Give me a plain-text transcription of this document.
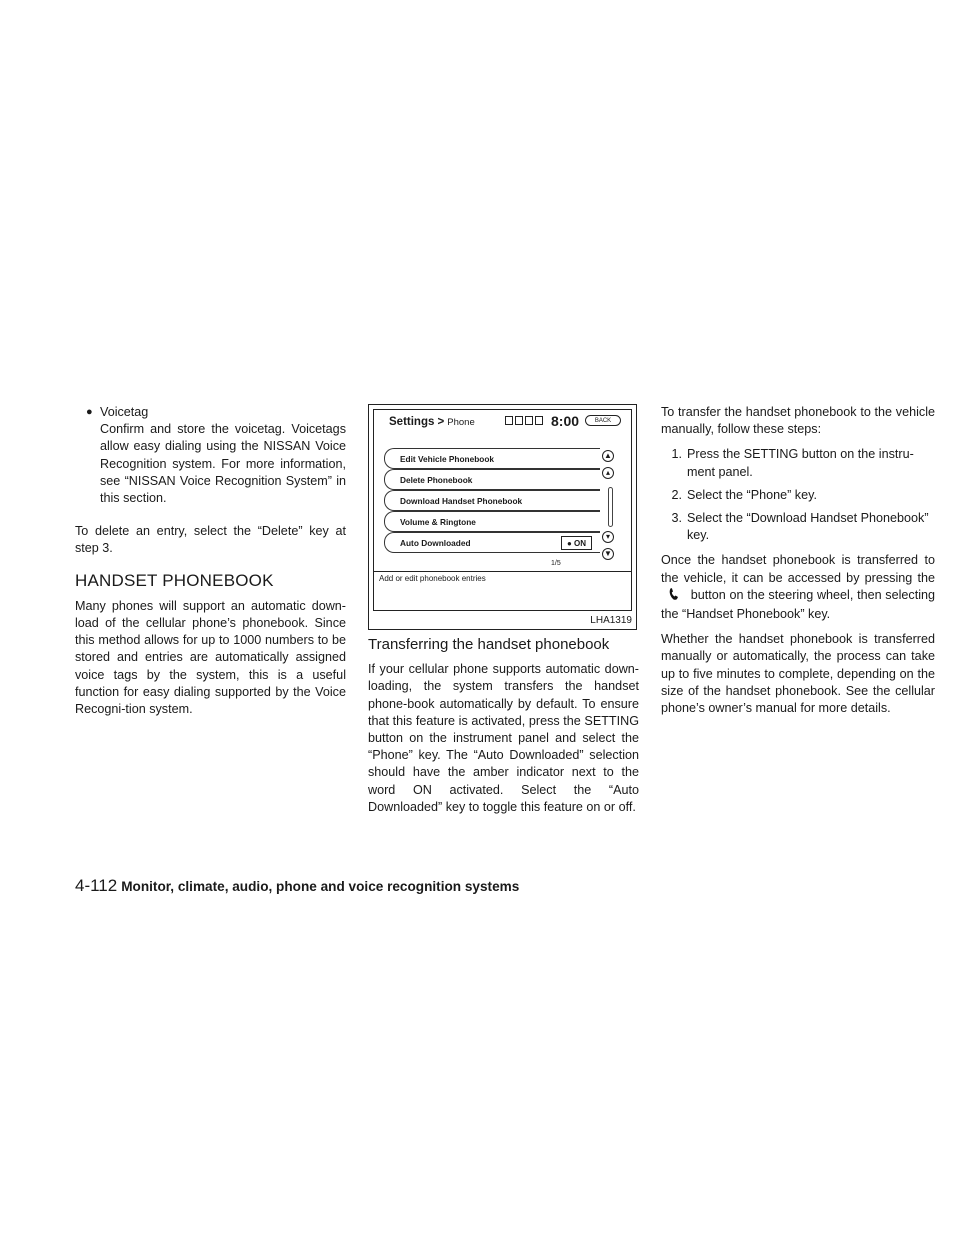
● Voicetag

Confirm and store the voicetag. Voicetags allow easy dialing using the NISSAN Voice Recognition system. For more information, see “NISSAN Voice Recognition System” in this section.

To delete an entry, select the “Delete” key at step 3.

HANDSET PHONEBOOK

Many phones will support an automatic down-load of the cellular phone’s phonebook. Since this method allows for up to 1000 numbers to be stored and entries are automatically assigned voice tags by the system, this is a useful function for easy dialing supported by the Voice Recogni-tion system.

Settings > Phone	8:00	BACK
Edit Vehicle Phonebook
Delete Phonebook
Download Handset Phonebook
Volume & Ringtone
Auto Downloaded	● ON
▲
▴
▾
▼
1/5
Add or edit phonebook entries
LHA1319
Transferring the handset phonebook

If your cellular phone supports automatic down-loading, the system transfers the handset phone-book automatically by default. To ensure that this feature is activated, press the SETTING button on the instrument panel and select the “Phone” key. The “Auto Downloaded” selection should have the amber indicator next to the word ON activated. Select the “Auto Downloaded” key to toggle this feature on or off.

To transfer the handset phonebook to the vehicle manually, follow these steps:

1. Press the SETTING button on the instru-ment panel.
2. Select the “Phone” key.
3. Select the “Download Handset Phonebook” key.

Once the handset phonebook is transferred to the vehicle, it can be accessed by pressing the  button on the steering wheel, then selecting the “Handset Phonebook” key.

Whether the handset phonebook is transferred manually or automatically, the process can take up to five minutes to complete, depending on the size of the handset phonebook. See the cellular phone’s owner’s manual for more details.

4-112 Monitor, climate, audio, phone and voice recognition systems
